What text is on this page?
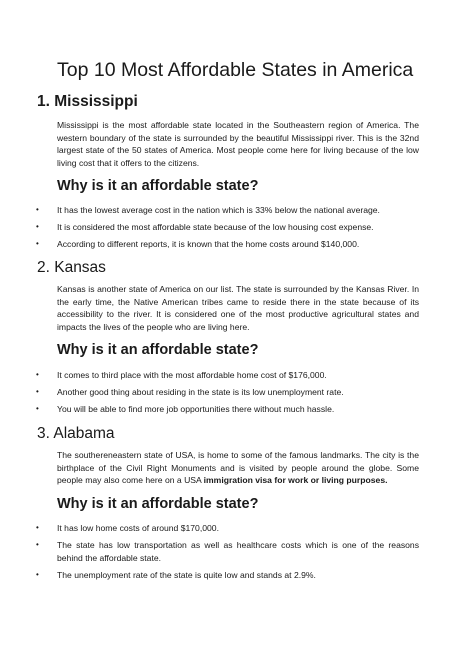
Top 10 Most Affordable States in America
1. Mississippi
Mississippi is the most affordable state located in the Southeastern region of America. The western boundary of the state is surrounded by the beautiful Mississippi river. This is the 32nd largest state of the 50 states of America. Most people come here for living because of the low living cost that it offers to the citizens.
Why is it an affordable state?
• It has the lowest average cost in the nation which is 33% below the national average.
• It is considered the most affordable state because of the low housing cost expense.
• According to different reports, it is known that the home costs around $140,000.
2. Kansas
Kansas is another state of America on our list. The state is surrounded by the Kansas River. In the early time, the Native American tribes came to reside there in the state because of its accessibility to the river. It is considered one of the most productive agricultural states and impacts the lives of the people who are living here.
Why is it an affordable state?
• It comes to third place with the most affordable home cost of $176,000.
• Another good thing about residing in the state is its low unemployment rate.
• You will be able to find more job opportunities there without much hassle.
3. Alabama
The southereneastern state of USA, is home to some of the famous landmarks. The city is the birthplace of the Civil Right Monuments and is visited by people around the globe. Some people may also come here on a USA immigration visa for work or living purposes.
Why is it an affordable state?
• It has low home costs of around $170,000.
• The state has low transportation as well as healthcare costs which is one of the reasons behind the affordable state.
• The unemployment rate of the state is quite low and stands at 2.9%.
